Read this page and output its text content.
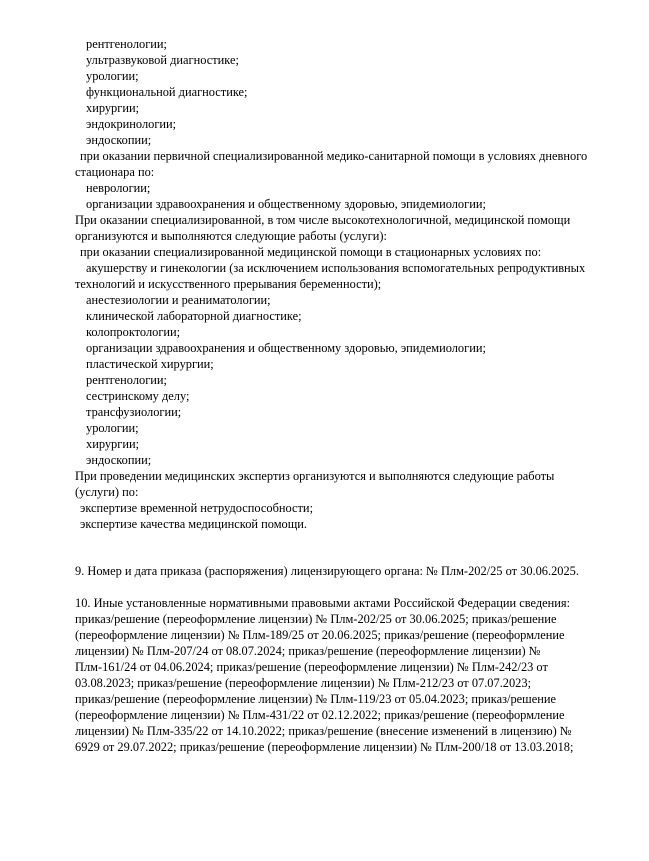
рентгенологии;
ультразвуковой диагностике;
урологии;
функциональной диагностике;
хирургии;
эндокринологии;
эндоскопии;
при оказании первичной специализированной медико-санитарной помощи в условиях дневного
стационара по:
неврологии;
организации здравоохранения и общественному здоровью, эпидемиологии;
При оказании специализированной, в том числе высокотехнологичной, медицинской помощи
организуются и выполняются следующие работы (услуги):
при оказании специализированной медицинской помощи в стационарных условиях по:
акушерству и гинекологии (за исключением использования вспомогательных репродуктивных
технологий и искусственного прерывания беременности);
анестезиологии и реаниматологии;
клинической лабораторной диагностике;
колопроктологии;
организации здравоохранения и общественному здоровью, эпидемиологии;
пластической хирургии;
рентгенологии;
сестринскому делу;
трансфузиологии;
урологии;
хирургии;
эндоскопии;
При проведении медицинских экспертиз организуются и выполняются следующие работы
(услуги) по:
экспертизе временной нетрудоспособности;
экспертизе качества медицинской помощи.
9. Номер и дата приказа (распоряжения) лицензирующего органа: № Плм-202/25 от 30.06.2025.
10. Иные установленные нормативными правовыми актами Российской Федерации сведения:
приказ/решение (переоформление лицензии) № Плм-202/25 от 30.06.2025; приказ/решение
(переоформление лицензии) № Плм-189/25 от 20.06.2025; приказ/решение (переоформление
лицензии) № Плм-207/24 от 08.07.2024; приказ/решение (переоформление лицензии) №
Плм-161/24 от 04.06.2024; приказ/решение (переоформление лицензии) № Плм-242/23 от
03.08.2023; приказ/решение (переоформление лицензии) № Плм-212/23 от 07.07.2023;
приказ/решение (переоформление лицензии) № Плм-119/23 от 05.04.2023; приказ/решение
(переоформление лицензии) № Плм-431/22 от 02.12.2022; приказ/решение (переоформление
лицензии) № Плм-335/22 от 14.10.2022; приказ/решение (внесение изменений в лицензию) №
6929 от 29.07.2022; приказ/решение (переоформление лицензии) № Плм-200/18 от 13.03.2018;
